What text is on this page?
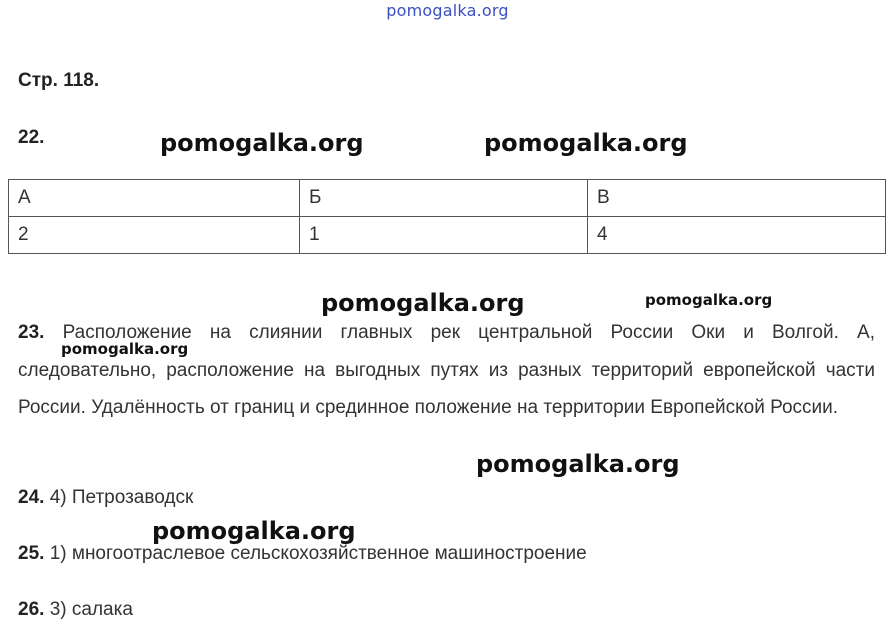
pomogalka.org
Стр. 118.
22.	pomogalka.org	pomogalka.org
А	Б	В
2	1	4
pomogalka.org	pomogalka.org
23. Расположение на слиянии главных рек центральной России Оки и Волгой. А, следовательно, расположение на выгодных путях из разных территорий европейской части России. Удалённость от границ и срединное положение на территории Европейской России.
pomogalka.org
pomogalka.org
24. 4) Петрозаводск
pomogalka.org
25. 1) многоотраслевое сельскохозяйственное машиностроение
26. 3) салака
